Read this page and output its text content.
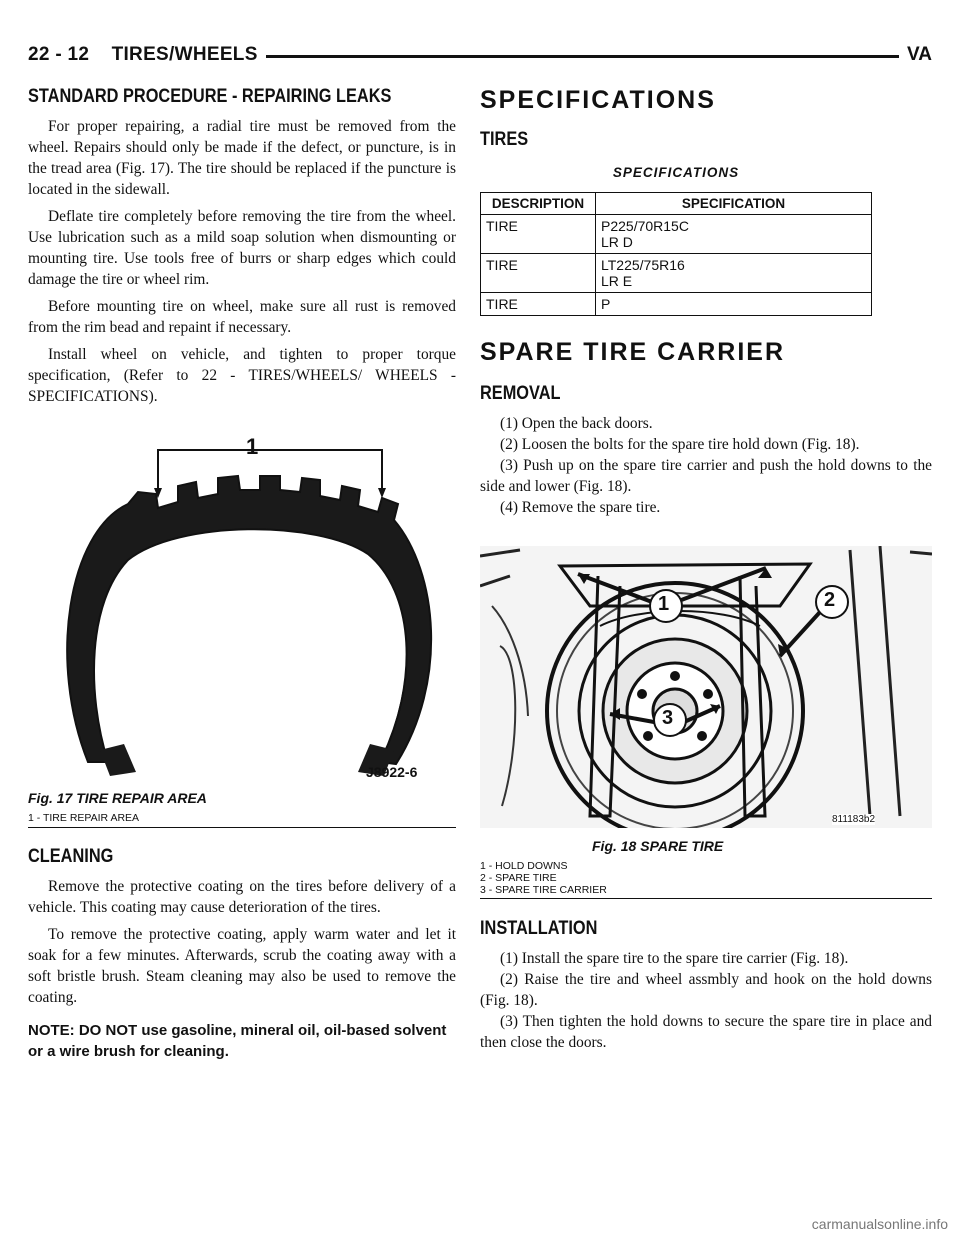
22 - 12    TIRES/WHEELS	VA
STANDARD PROCEDURE - REPAIRING LEAKS

For proper repairing, a radial tire must be removed from the wheel. Repairs should only be made if the defect, or puncture, is in the tread area (Fig. 17). The tire should be replaced if the puncture is located in the sidewall.

Deflate tire completely before removing the tire from the wheel. Use lubrication such as a mild soap solution when dismounting or mounting tire. Use tools free of burrs or sharp edges which could damage the tire or wheel rim.

Before mounting tire on wheel, make sure all rust is removed from the rim bead and repaint if necessary.

Install wheel on vehicle, and tighten to proper torque specification, (Refer to 22 - TIRES/WHEELS/ WHEELS - SPECIFICATIONS).

1
J8922-6
Fig. 17 TIRE REPAIR AREA
1 - TIRE REPAIR AREA
CLEANING

Remove the protective coating on the tires before delivery of a vehicle. This coating may cause deterioration of the tires.

To remove the protective coating, apply warm water and let it soak for a few minutes. Afterwards, scrub the coating away with a soft bristle brush. Steam cleaning may also be used to remove the coating.

NOTE: DO NOT use gasoline, mineral oil, oil-based solvent or a wire brush for cleaning.

SPECIFICATIONS
TIRES
SPECIFICATIONS
DESCRIPTION	SPECIFICATION
TIRE	P225/70R15C
LR D

TIRE	LT225/75R16
LR E

TIRE	P
SPARE TIRE CARRIER
REMOVAL

(1) Open the back doors.

(2) Loosen the bolts for the spare tire hold down (Fig. 18).

(3) Push up on the spare tire carrier and push the hold downs to the side and lower (Fig. 18).

(4) Remove the spare tire.

1	2
3
811183b2
Fig. 18 SPARE TIRE
1 - HOLD DOWNS
2 - SPARE TIRE
3 - SPARE TIRE CARRIER
INSTALLATION

(1) Install the spare tire to the spare tire carrier (Fig. 18).

(2) Raise the tire and wheel assmbly and hook on the hold downs (Fig. 18).

(3) Then tighten the hold downs to secure the spare tire in place and then close the doors.

carmanualsonline.info
